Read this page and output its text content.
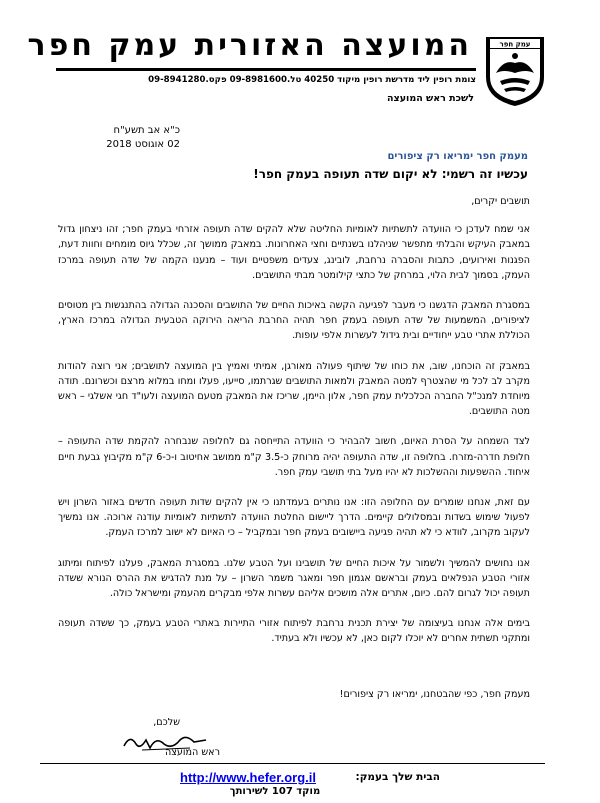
עמק חפר
המועצה האזורית עמק חפר
צומת רופין ליד מדרשת רופין מיקוד 40250 טל.09-8981600 פקס.09-8941280
לשכת ראש המועצה
כ"א אב תשע"ח
02 אוגוסט 2018
מעמק חפר ימריאו רק ציפורים
עכשיו זה רשמי: לא יקום שדה תעופה בעמק חפר!

תושבים יקרים,

אני שמח לעדכן כי הוועדה לתשתיות לאומיות החליטה שלא להקים שדה תעופה אזרחי בעמק חפר; זהו ניצחון גדול במאבק העיקש והבלתי מתפשר שניהלנו בשנתיים וחצי האחרונות. במאבק ממושך זה, שכלל גיוס מומחים וחוות דעת, הפגנות ואירועים, כתבות והסברה נרחבת, לובינג, צעדים משפטיים ועוד – מנענו הקמה של שדה תעופה במרכז העמק, בסמוך לבית הלוי, במרחק של כתצי קילומטר מבתי התושבים.

במסגרת המאבק הדגשנו כי מעבר לפגיעה הקשה באיכות החיים של התושבים והסכנה הגדולה בהתנגשות בין מטוסים לציפורים, המשמעות של שדה תעופה בעמק חפר תהיה החרבת הריאה הירוקה הטבעית הגדולה במרכז הארץ, הכוללת אתרי טבע ייחודיים ובית גידול לעשרות אלפי עופות.

במאבק זה הוכחנו, שוב, את כוחו של שיתוף פעולה מאורגן, אמיתי ואמיץ בין המועצה לתושבים; אני רוצה להודות מקרב לב לכל מי שהצטרף למטה המאבק ולמאות התושבים שגרתמו, סייעו, פעלו ומחו במלוא מרצם וכשרונם. תודה מיוחדת למנכ"ל החברה הכלכלית עמק חפר, אלון היימן, שריכז את המאבק מטעם המועצה ולעו"ד חגי אשלגי – ראש מטה התושבים.

לצד השמחה על הסרת האיום, חשוב להבהיר כי הוועדה התייחסה גם לחלופה שנבחרה להקמת שדה התעופה – חלופת חדרה-מזרח. בחלופה זו, שדה התעופה יהיה מרוחק כ-3.5 ק"מ ממושב אחיטוב ו-כ-6 ק"מ מקיבוץ גבעת חיים איחוד. ההשפעות וההשלכות לא יהיו מעל בתי תושבי עמק חפר.

עם זאת, אנחנו שומרים עם החלופה הזו: אנו נותרים בעמדתנו כי אין להקים שדות תעופה חדשים באזור השרון ויש לפעול שימוש בשדות ובמסלולים קיימים. הדרך ליישום החלטת הוועדה לתשתיות לאומיות עודנה ארוכה. אנו נמשיך לעקוב מקרוב, לוודא כי לא תהיה פגיעה ביישובים בעמק חפר ובמקביל – כי האיום לא ישוב למרכז העמק.

אנו נחושים להמשיך ולשמור על איכות החיים של תושבינו ועל הטבע שלנו. במסגרת המאבק, פעלנו לפיתוח ומיתוג אזורי הטבע הנפלאים בעמק ובראשם אגמון חפר ומאגר משמר השרון – על מנת להדגיש את ההרס הנורא ששדה תעופה יכול לגרום להם. כיום, אתרים אלה מושכים אליהם עשרות אלפי מבקרים מהעמק ומישראל כולה.

בימים אלה אנחנו בעיצומה של יצירת תכנית נרחבת לפיתוח אזורי התיירות באתרי הטבע בעמק, כך ששדה תעופה ומתקני תשתית אחרים לא יוכלו לקום כאן, לא עכשיו ולא בעתיד.

מעמק חפר, כפי שהבטחנו, ימריאו רק ציפורים!
שלכם,
ראש המועצה
http://www.hefer.org.il	הבית שלך בעמק:
מוקד 107 לשירותך
